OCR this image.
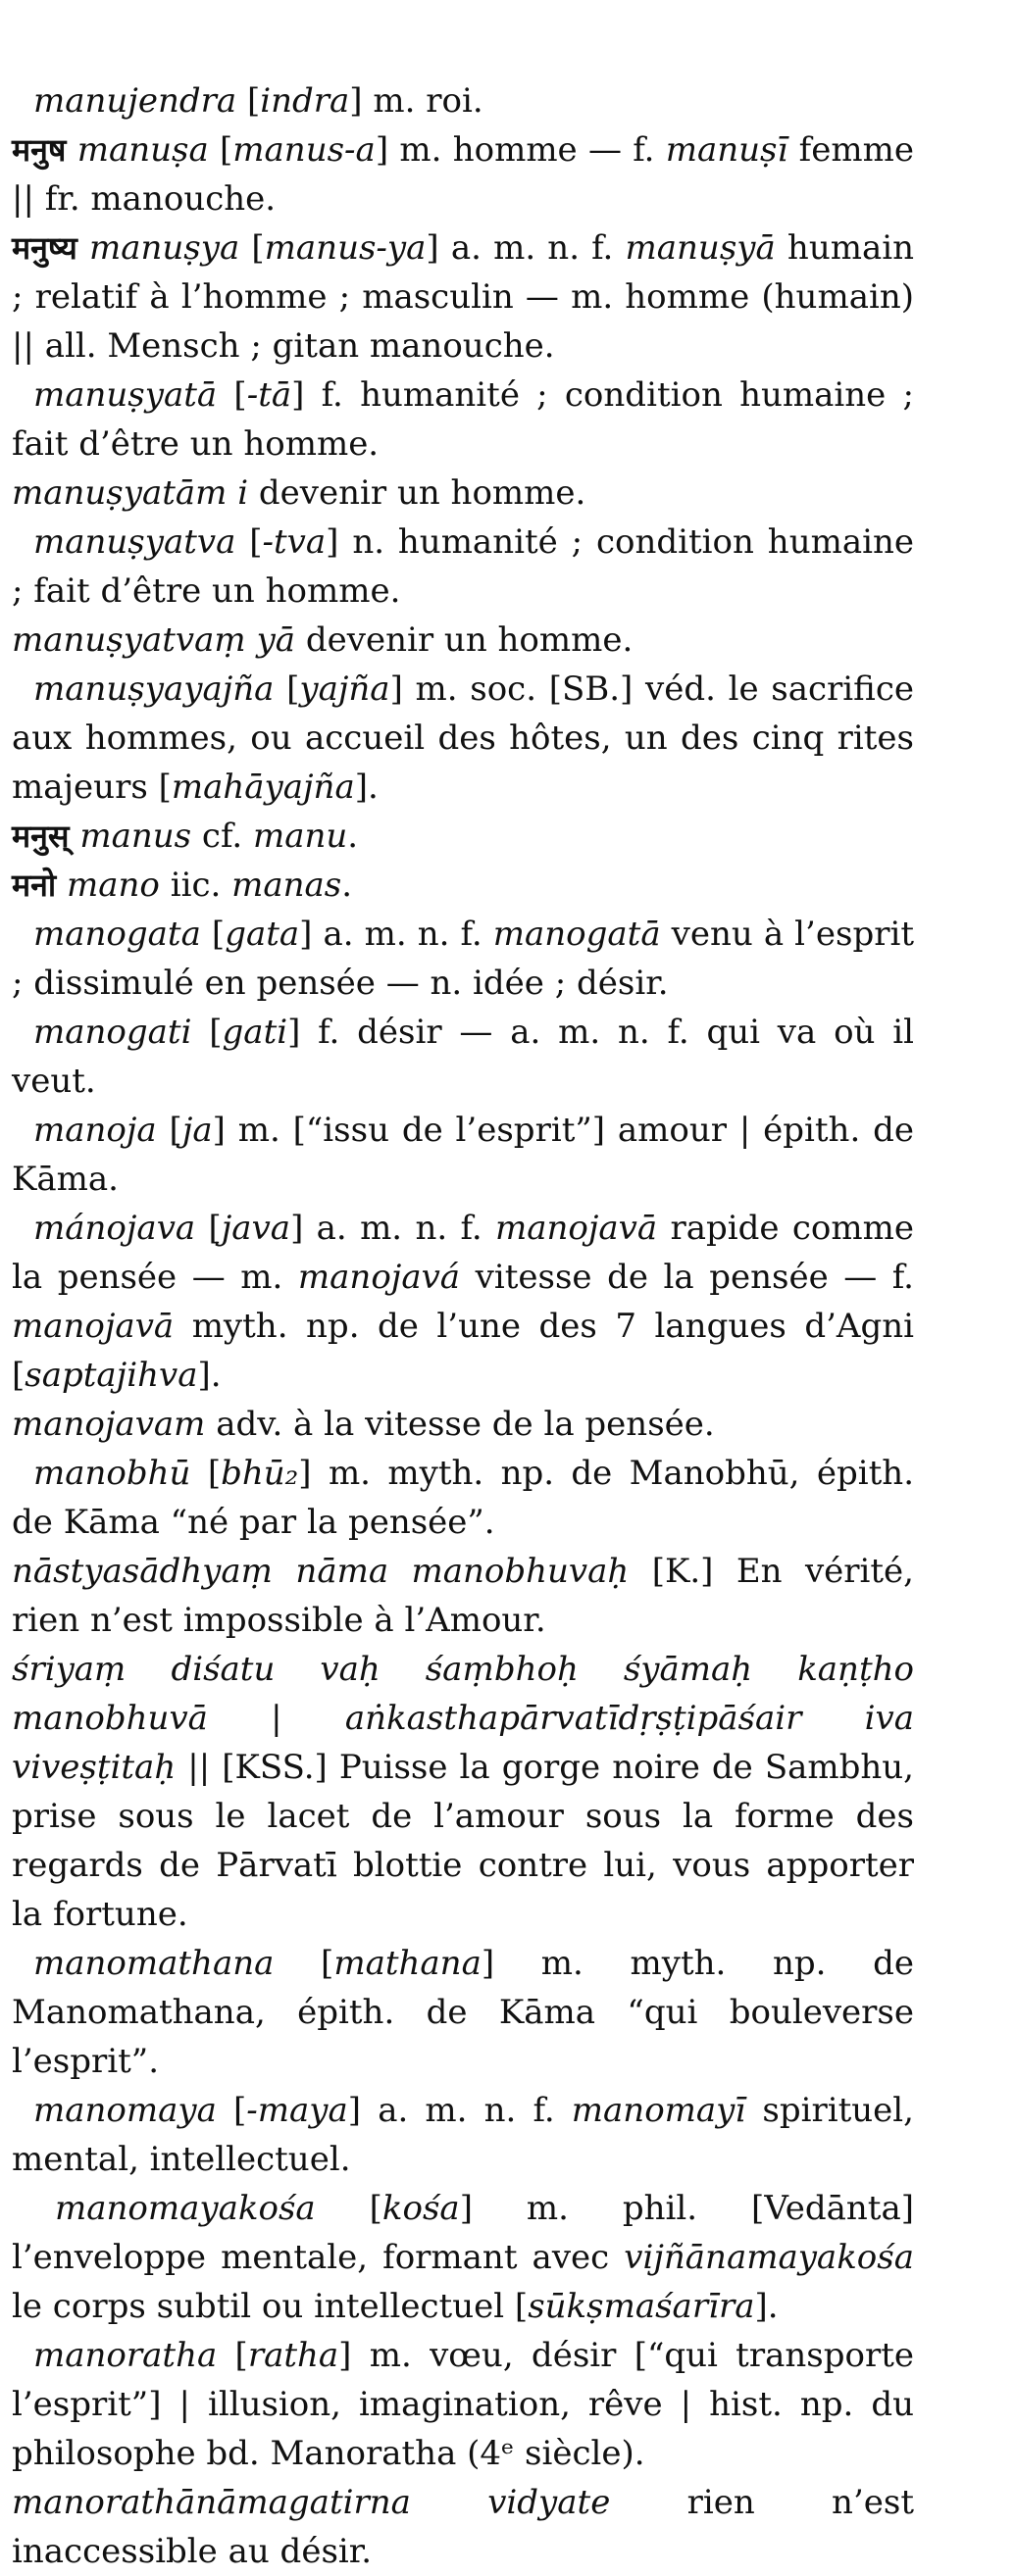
manujendra [indra] m. roi.

मनुष manuṣa [manus-a] m. homme — f. manuṣī femme || fr. manouche.

मनुष्य manuṣya [manus-ya] a. m. n. f. manuṣyā humain ; relatif à l’homme ; masculin — m. homme (humain) || all. Mensch ; gitan manouche.

manuṣyatā [-tā] f. humanité ; condition humaine ; fait d’être un homme.

manuṣyatām i devenir un homme.

manuṣyatva [-tva] n. humanité ; condition humaine ; fait d’être un homme.

manuṣyatvaṃ yā devenir un homme.

manuṣyayajña [yajña] m. soc. [SB.] véd. le sacrifice aux hommes, ou accueil des hôtes, un des cinq rites majeurs [mahāyajña].

मनुस् manus cf. manu.

मनो mano iic. manas.

manogata [gata] a. m. n. f. manogatā venu à l’esprit ; dissimulé en pensée — n. idée ; désir.

manogati [gati] f. désir — a. m. n. f. qui va où il veut.

manoja [ja] m. [“issu de l’esprit”] amour | épith. de Kāma.

mánojava [java] a. m. n. f. manojavā rapide comme la pensée — m. manojavá vitesse de la pensée — f. manojavā myth. np. de l’une des 7 langues d’Agni [saptajihva].

manojavam adv. à la vitesse de la pensée.

manobhū [bhū₂] m. myth. np. de Manobhū, épith. de Kāma “né par la pensée”.

nāstyasādhyaṃ nāma manobhuvaḥ [K.] En vérité, rien n’est impossible à l’Amour.

śriyaṃ diśatu vaḥ śaṃbhoḥ śyāmaḥ kaṇṭho manobhuvā | aṅkasthapārvatīdṛṣṭipāśair iva viveṣṭitaḥ || [KSS.] Puisse la gorge noire de Sambhu, prise sous le lacet de l’amour sous la forme des regards de Pārvatī blottie contre lui, vous apporter la fortune.

manomathana [mathana] m. myth. np. de Manomathana, épith. de Kāma “qui bouleverse l’esprit”.

manomaya [-maya] a. m. n. f. manomayī spirituel, mental, intellectuel.

manomayakośa [kośa] m. phil. [Vedānta] l’enveloppe mentale, formant avec vijñānamayakośa le corps subtil ou intellectuel [sūkṣmaśarīra].

manoratha [ratha] m. vœu, désir [“qui transporte l’esprit”] | illusion, imagination, rêve | hist. np. du philosophe bd. Manoratha (4ᵉ siècle).

manorathānāmagatirna vidyate rien n’est inaccessible au désir.
